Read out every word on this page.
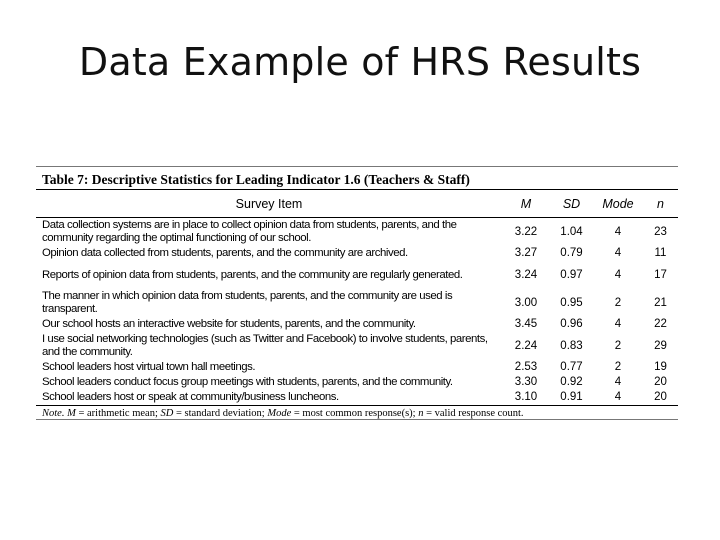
Data Example of HRS Results
Table 7: Descriptive Statistics for Leading Indicator 1.6 (Teachers & Staff)
Survey Item	M	SD	Mode	n
Data collection systems are in place to collect opinion data from students, parents, and the community regarding the optimal functioning of our school.	3.22	1.04	4	23
Opinion data collected from students, parents, and the community are archived.	3.27	0.79	4	11
Reports of opinion data from students, parents, and the community are regularly generated.	3.24	0.97	4	17
The manner in which opinion data from students, parents, and the community are used is transparent.	3.00	0.95	2	21
Our school hosts an interactive website for students, parents, and the community.	3.45	0.96	4	22
I use social networking technologies (such as Twitter and Facebook) to involve students, parents, and the community.	2.24	0.83	2	29
School leaders host virtual town hall meetings.	2.53	0.77	2	19
School leaders conduct focus group meetings with students, parents, and the community.	3.30	0.92	4	20
School leaders host or speak at community/business luncheons.	3.10	0.91	4	20
Note. M = arithmetic mean; SD = standard deviation; Mode = most common response(s); n = valid response count.
